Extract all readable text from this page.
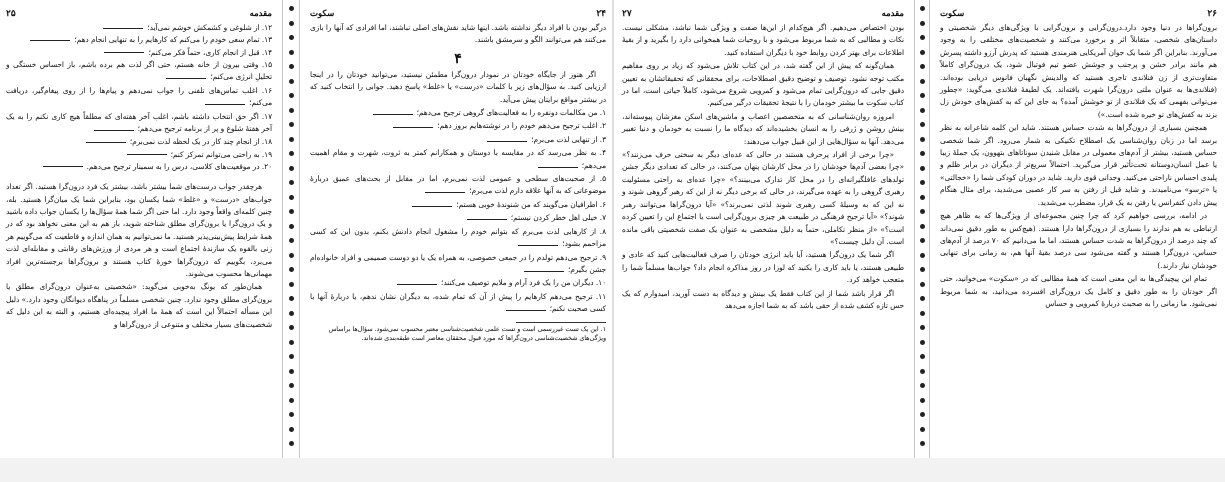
مقدمه
۲۵
۱۲. از شلوغی و کشمکش خوشم نمی‌آید؛
۱۳. تمام سعی خودم را می‌کنم که کارهایم را به تنهایی انجام دهم؛
۱۴. قبل از انجام کاری، حتماً فکر می‌کنم؛

۱۵. وقتی بیرون از خانه هستم، حتی اگر لذت هم برده باشم، باز احساس خستگی و تحلیلِ انرژی می‌کنم؛

۱۶. اغلب تماس‌های تلفنی را جواب نمی‌دهم و پیام‌ها را از روی پیغام‌گیر، دریافت می‌کنم؛

۱۷. اگر حق انتخاب داشته باشم، اغلب آخر هفته‌ای که مطلقاً هیچ کاری نکنم را به یک آخر هفتهٔ شلوغ و پر از برنامه ترجیح می‌دهم؛

۱۸. از انجام چند کار در یک لحظه لذت نمی‌برم؛
۱۹. به راحتی می‌توانم تمرکز کنم؛
۲۰. در موقعیت‌های کلاسی، درس را به سمینار ترجیح می‌دهم.

هرچقدر جواب درست‌های شما بیشتر باشد، بیشتر یک فرد درون‌گرا هستید. اگر تعداد جواب‌های «درست» و «غلط» شما یکسان بود، بنابراین شما یک میان‌گرا هستید. بله، چنین کلمه‌ای واقعاً وجود دارد. اما حتی اگر شما همهٔ سؤال‌ها را یکسان جواب داده باشید و یک درون‌گرا یا برون‌گرای مطلق شناخته شوید، باز هم به این معنی نخواهد بود که در همهٔ شرایط پیش‌بینی‌پذیر هستید. ما نمی‌توانیم به همان اندازه و قاطعیت که می‌گوییم هر زنی بالقوه یک سازندهٔ اجتماع است و هر مردی از ورزش‌های رقابتی و مقابله‌ای لذت می‌برد، بگوییم که درون‌گراها خورهٔ کتاب هستند و برون‌گراها برجسته‌ترین افراد مهمانی‌ها محسوب می‌شوند.

همان‌طور که یونگ به‌خوبی می‌گوید: «شخصیتی به‌عنوان درون‌گرای مطلق یا برون‌گرای مطلق وجود ندارد. چنین شخصی مسلماً در پناهگاه دیوانگان وجود دارد.» دلیل این مسأله احتمالاً این است که همهٔ ما افراد پیچیده‌ای هستیم، و البته به این دلیل که شخصیت‌های بسیار مختلف و متنوعی از درون‌گراها و

۲۴
سکوت

درگیر بودن با افراد دیگر نداشته باشد. اینها شاید نقش‌های اصلی نباشند، اما افرادی که آنها را بازی می‌کنند هم می‌توانند الگو و سرمشق باشند.

۴

اگر هنوز از جایگاه خودتان در نمودار درون‌گرا مطمئن نیستید، می‌توانید خودتان را در اینجا ارزیابی کنید. به سؤال‌های زیر با کلمات «درست» یا «غلط» پاسخ دهید. جوابی را انتخاب کنید که در بیشتر مواقع برایتان پیش می‌آید.

۱. من مکالمات دونفره را به فعالیت‌های گروهی ترجیح می‌دهم؛

۲. اغلب ترجیح می‌دهم خودم را در نوشته‌هایم بروز دهم؛

۳. از تنهایی لذت می‌برم؛

۴. به نظر می‌رسد که در مقایسه با دوستان و همکارانم کمتر به ثروت، شهرت و مقام اهمیت می‌دهم؛

۵. از صحبت‌های سطحی و عمومی لذت نمی‌برم، اما در مقابل از بحث‌های عمیق دربارهٔ موضوعاتی که به آنها علاقه دارم لذت می‌برم؛

۶. اطرافیان می‌گویند که من شنوندهٔ خوبی هستم؛

۷. خیلی اهل خطر کردن نیستم؛

۸. از کارهایی لذت می‌برم که بتوانم خودم را مشغول انجام دادنش بکنم، بدون این که کسی مزاحمم بشود؛

۹. ترجیح می‌دهم تولدم را در جمعی خصوصی، به همراه یک یا دو دوست صمیمی و افراد خانواده‌ام جشن بگیرم؛

۱۰. دیگران من را یک فرد آرام و ملایم توصیف می‌کنند؛

۱۱. ترجیح می‌دهم کارهایم را پیش از آن که تمام شده، به دیگران نشان ندهم، یا دربارهٔ آنها با کسی صحبت نکنم؛

۱. این یک تست غیررسمی است و تست علمی شخصیت‌شناسی معتبر محسوب نمی‌شود. سؤال‌ها براساس ویژگی‌های شخصیت‌شناسی درون‌گراها که مورد قبول محققان معاصر است طبقه‌بندی شده‌اند.
مقدمه
۲۷

بودن اختصاص می‌دهیم. اگر هیچ‌کدام از این‌ها صفت و ویژگی شما نباشد، مشکلی نیست. نکات و مطالبی که به شما مربوط می‌شود و با روحیات شما همخوانی دارد را بگیرید و از بقیهٔ اطلاعات برای بهتر کردن روابط خود با دیگران استفاده کنید.

همان‌گونه که پیش از این گفته شد، در این کتاب تلاش می‌شود که زیاد بر روی مفاهیم مکتب توجه نشود. توصیف و توضیح دقیق اصطلاحات، برای محققانی که تحقیقاتشان به تعیین دقیق جایی که درون‌گرایی تمام می‌شود و کمرویی شروع می‌شود، کاملاً حیاتی است، اما در کتاب سکوت ما بیشتر خودمان را با نتیجهٔ تحقیقات درگیر می‌کنیم.

امروزه روان‌شناسانی که به متخصصین اعصاب و ماشین‌های اسکن مغزشان پیوسته‌اند، بینش روشن و ژرفی را به انسان بخشیده‌اند که دیدگاه ما را نسبت به خودمان و دنیا تغییر می‌دهد. آنها به سؤال‌هایی از این قبیل جواب می‌دهند:

«چرا برخی از افراد پرحرف هستند در حالی که عده‌ای دیگر به سختی حرف می‌زنند؟» «چرا بعضی آدم‌ها خودشان را در محل کارشان پنهان می‌کنند، در حالی که تعدادی دیگر جشن تولدهای غافلگیرانه‌ای را در محل کار تدارک می‌بینند؟» «چرا عده‌ای به راحتی مسئولیت رهبری گروهی را به عهده می‌گیرند، در حالی که برخی دیگر نه از این که رهبر گروهی شوند و نه این که به وسیلهٔ کسی رهبری شوند لذتی نمی‌برند؟» «آیا درون‌گراها می‌توانند رهبر شوند؟» «آیا ترجیح فرهنگی در طبیعت هر چیزی برون‌گرایی است یا اجتماع این را تعیین کرده است؟» «از منظر تکاملی، حتماً به دلیل مشخصی به عنوان یک صفت شخصیتی باقی مانده است. آن دلیل چیست؟»

اگر شما یک درون‌گرا هستید، آیا باید انرژی خودتان را صرف فعالیت‌هایی کنید که عادی و طبیعی هستند، یا باید کاری را بکنید که لوزا در روز مذاکره انجام داد؟ جواب‌ها مسلماً شما را متعجب خواهد کرد.

اگر قرار باشد شما از این کتاب فقط یک بینش و دیدگاه به دست آورید، امیدوارم که یک حس تازه کشف شده از حقی باشد که به شما اجازه می‌دهد

۲۶
سکوت

برون‌گراها در دنیا وجود دارد.درون‌گرایی و برون‌گرایی با ویژگی‌های دیگر شخصیتی و داستان‌های شخصی، متقابلاً اثر و برخورد می‌کنند و شخصیت‌های مختلفی را به وجود می‌آورند. بنابراین اگر شما یک جوان آمریکایی هنرمندی هستید که پدرش آرزو داشته پسرش هم مانند برادر خشن و پرجنب و جوشش عضو تیم فوتبال شود، یک درون‌گرای کاملاً متفاوت‌تری از زن فنلاندی تاجری هستید که والدینش نگهبان فانوس دریایی بوده‌اند. (فنلاندی‌ها به عنوان ملتی درون‌گرا شهرت یافته‌اند. یک لطیفهٔ فنلاندی می‌گوید: «چطور می‌توانی بفهمی که یک فنلاندی از تو خوشش آمده؟ به جای این که به کفش‌های خودش زل بزند به کفش‌های تو خیره شده است.»)

همچنین بسیاری از درون‌گراها به شدت حساس هستند. شاید این کلمه شاعرانه به نظر برسد اما در زبان روان‌شناسی یک اصطلاح تکنیکی به شمار می‌رود. اگر شما شخصی حساس هستید، بیشتر از آدم‌های معمولی در مقابل شنیدن سوناتاهای بتهوون، یک جملهٔ زیبا یا عمل انسان‌دوستانه تحت‌تأثیر قرار می‌گیرید. احتمالاً سریع‌تر از دیگران در برابر ظلم و پلیدی احساس ناراحتی می‌کنید. وجدانی قوی دارید. شاید در دوران کودکی شما را «خجالتی» یا «ترسو» می‌نامیدند. و شاید قبل از رفتن به سر کار عصبی می‌شدید، برای مثال هنگام پیش دادن کنفرانس یا رفتن به یک قرار، مضطرب می‌شدید.

در ادامه، بررسی خواهیم کرد که چرا چنین مجموعه‌ای از ویژگی‌ها که به ظاهر هیچ ارتباطی به هم ندارند را بسیاری از درون‌گراها دارا هستند. (هیچ‌کس به طور دقیق نمی‌داند که چند درصد از درون‌گراها به شدت حساس هستند، اما ما می‌دانیم که ۷۰ درصد از آدم‌های حساس، درون‌گرا هستند و گفته می‌شود سی درصد بقیهٔ آنها هم، به زمانی برای تنهایی خودشان نیاز دارند.)

تمام این پیچیدگی‌ها به این معنی است که همهٔ مطالبی که در «سکوت» می‌خوانید، حتی اگر خودتان را به طور دقیق و کامل یک درون‌گرای افسرده می‌دانید، به شما مربوط نمی‌شود. ما زمانی را به صحبت دربارهٔ کمرویی و حساس
